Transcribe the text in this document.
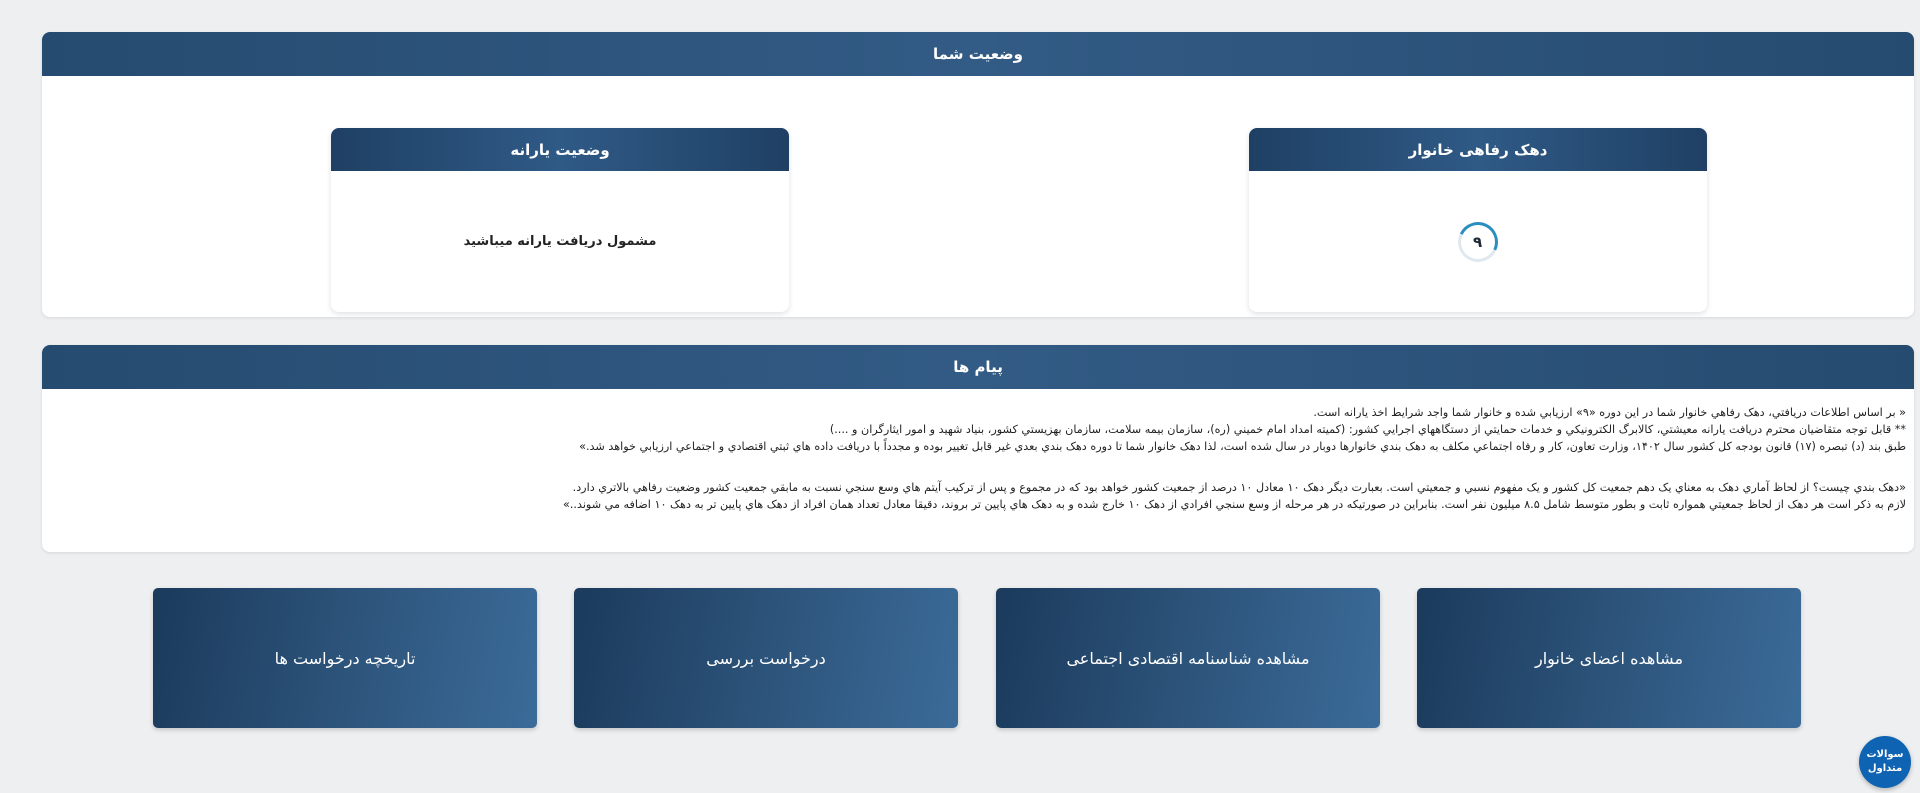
وضعیت شما
دهک رفاهی خانوار
۹
وضعیت یارانه
مشمول دریافت یارانه میباشید
پیام ها
« بر اساس اطلاعات دريافتي، دهک رفاهي خانوار شما در اين دوره «۹» ارزيابي شده و خانوار شما واجد شرايط اخذ يارانه است.
** قابل توجه متقاضيان محترم دريافت يارانه معيشتي، کالابرگ الکترونيکي و خدمات حمايتي از دستگاههاي اجرايي کشور: (کميته امداد امام خميني (ره)، سازمان بيمه سلامت، سازمان بهزيستي کشور، بنياد شهيد و امور ايثارگران و ....)
طبق بند (د) تبصره (۱۷) قانون بودجه کل کشور سال ۱۴۰۲، وزارت تعاون، کار و رفاه اجتماعي مکلف به دهک بندي خانوارها دوبار در سال شده است، لذا دهک خانوار شما تا دوره دهک بندي بعدي غير قابل تغيير بوده و مجدداً با دريافت داده هاي ثبتي اقتصادي و اجتماعي ارزيابي خواهد شد.»
«دهک بندي چيست؟ از لحاظ آماري دهک به معناي يک دهم جمعيت کل کشور و يک مفهوم نسبي و جمعيتي است. بعبارت ديگر دهک ۱۰ معادل ۱۰ درصد از جمعيت کشور خواهد بود که در مجموع و پس از ترکيب آيتم هاي وسع سنجي نسبت به مابقي جمعيت کشور وضعيت رفاهي بالاتري دارد.
لازم به ذکر است هر دهک از لحاظ جمعيتي همواره ثابت و بطور متوسط شامل ۸.۵ ميليون نفر است. بنابراين در صورتيکه در هر مرحله از وسع سنجي افرادي از دهک ۱۰ خارج شده و به دهک هاي پايين تر بروند، دقيقا معادل تعداد همان افراد از دهک هاي پايين تر به دهک ۱۰ اضافه مي شوند..»
مشاهده اعضای خانوار
مشاهده شناسنامه اقتصادی اجتماعی
درخواست بررسی
تاریخچه درخواست ها
سوالات
متداول
